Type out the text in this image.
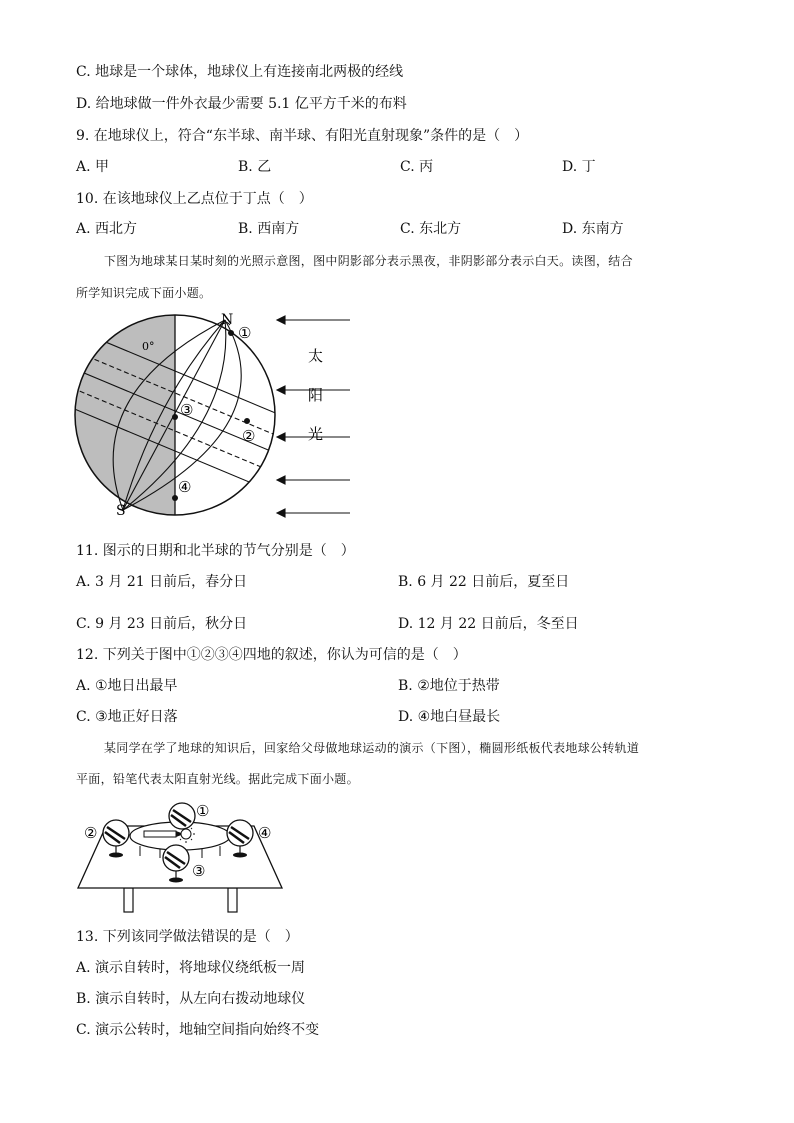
C. 地球是一个球体，地球仪上有连接南北两极的经线
D. 给地球做一件外衣最少需要 5.1 亿平方千米的布料
9. 在地球仪上，符合“东半球、南半球、有阳光直射现象”条件的是（　）
A. 甲	B. 乙	C. 丙	D. 丁
10. 在该地球仪上乙点位于丁点（　）
A. 西北方	B. 西南方	C. 东北方	D. 东南方
下图为地球某日某时刻的光照示意图，图中阴影部分表示黑夜，非阴影部分表示白天。读图，结合
所学知识完成下面小题。
N
S
0°
①
②
③
④
太
阳
光
11. 图示的日期和北半球的节气分别是（　）
A. 3 月 21 日前后，春分日	B. 6 月 22 日前后，夏至日
C. 9 月 23 日前后，秋分日	D. 12 月 22 日前后，冬至日
12. 下列关于图中①②③④四地的叙述，你认为可信的是（　）
A. ①地日出最早	B. ②地位于热带
C. ③地正好日落	D. ④地白昼最长
某同学在学了地球的知识后，回家给父母做地球运动的演示（下图），椭圆形纸板代表地球公转轨道
平面，铅笔代表太阳直射光线。据此完成下面小题。
①
②
③
④
13. 下列该同学做法错误的是（　）
A. 演示自转时，将地球仪绕纸板一周
B. 演示自转时，从左向右拨动地球仪
C. 演示公转时，地轴空间指向始终不变
